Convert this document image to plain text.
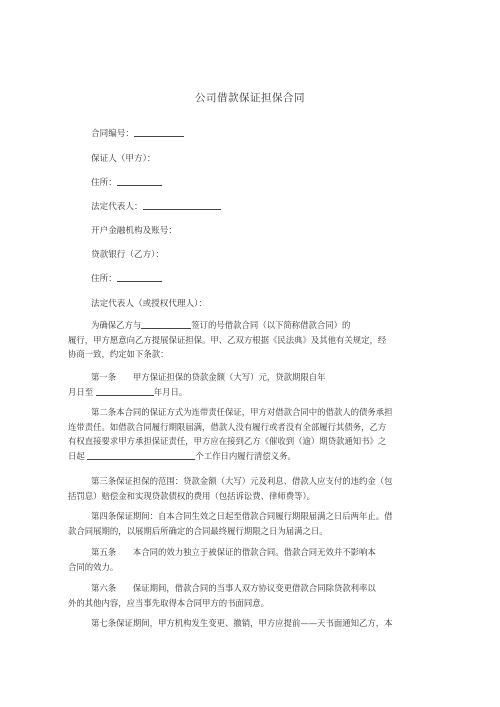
公司借款保证担保合同
合同编号：
保证人（甲方）：
住所：
法定代表人：
开户金融机构及账号：
贷款银行（乙方）：
住所：
法定代表人（或授权代理人）：
为确保乙方与	签订的号借款合同（以下简称借款合同）的
履行，甲方愿意向乙方提展保证担保。甲、乙双方根据《民法典》及其他有关规定，经
协商一致，约定如下条款：
第一条　　甲方保证担保的贷款金额（大写）元，贷款期限自年
月日至	年月日。
第二条本合同的保证方式为连带责任保证，甲方对借款合同中的借款人的债务承担
连带责任。如借款合同履行期限届满，借款人没有履行或者没有全部履行其债务，乙方
有权直接要求甲方承担保证责任，甲方应在接到乙方《催收到（逾）期贷款通知书》之
日起	个工作日内履行清偿义务。
第三条保证担保的范围：贷款金额（大写）元及利息、借款人应支付的违约金（包
括罚息）赔偿金和实现贷款债权的费用（包括诉讼费、律师费等）。
第四条保证期间：自本合同生效之日起至借款合同履行期限届满之日后两年止。借
款合同展期的，以展期后所确定的合同最终履行期限之日为届满之日。
第五条　　本合同的效力独立于被保证的借款合同。借款合同无效并不影响本
合同的效力。
第六条　　保证期间，借款合同的当事人双方协议变更借款合同除贷款利率以
外的其他内容，应当事先取得本合同甲方的书面同意。
第七条保证期间，甲方机构发生变更、撤销，甲方应提前——天书面通知乙方，本
